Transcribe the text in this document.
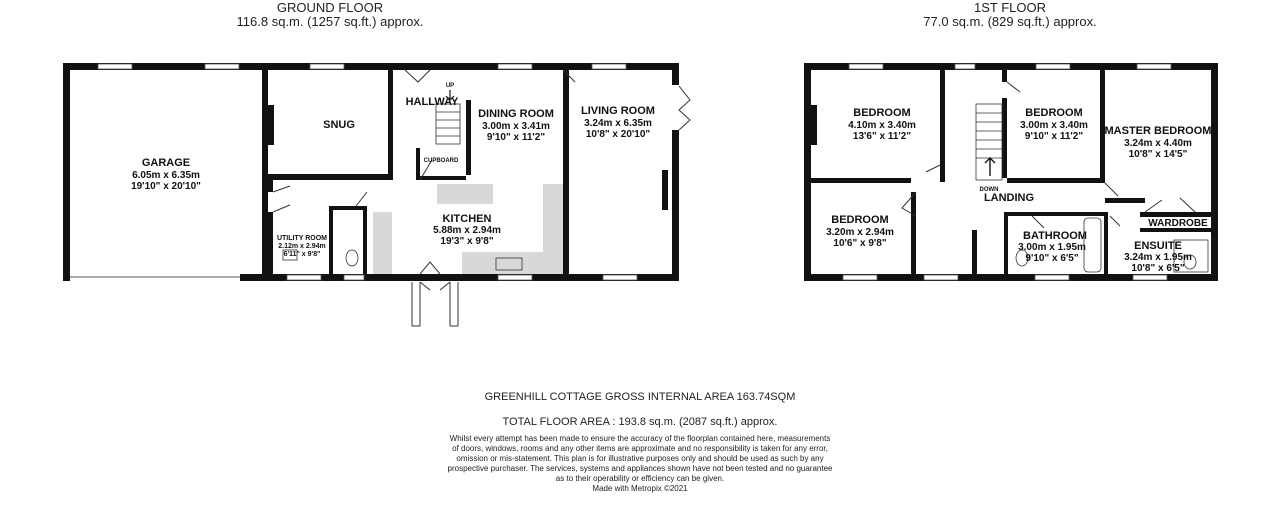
GROUND FLOOR
116.8 sq.m. (1257 sq.ft.) approx.
1ST FLOOR
77.0 sq.m. (829 sq.ft.) approx.
GARAGE
6.05m x 6.35m
19'10" x 20'10"
SNUG
HALLWAY
UP
CUPBOARD
DINING ROOM
3.00m x 3.41m
9'10" x 11'2"
LIVING ROOM
3.24m x 6.35m
10'8" x 20'10"
KITCHEN
5.88m x 2.94m
19'3" x 9'8"
UTILITY ROOM
2.12m x 2.94m
6'11" x 9'8"
BEDROOM
4.10m x 3.40m
13'6" x 11'2"
BEDROOM
3.00m x 3.40m
9'10" x 11'2" MASTER BEDROOM
3.24m x 4.40m
10'8" x 14'5"
BEDROOM
3.20m x 2.94m
10'6" x 9'8"
DOWN
LANDING
WARDROBE
BATHROOM
3.00m x 1.95m
9'10" x 6'5"
ENSUITE
3.24m x 1.95m
10'8" x 6'5"
GREENHILL COTTAGE GROSS INTERNAL AREA 163.74SQM
TOTAL FLOOR AREA : 193.8 sq.m. (2087 sq.ft.) approx.
Whilst every attempt has been made to ensure the accuracy of the floorplan contained here, measurements
of doors, windows, rooms and any other items are approximate and no responsibility is taken for any error,
omission or mis-statement. This plan is for illustrative purposes only and should be used as such by any
prospective purchaser. The services, systems and appliances shown have not been tested and no guarantee
as to their operability or efficiency can be given.
Made with Metropix ©2021
